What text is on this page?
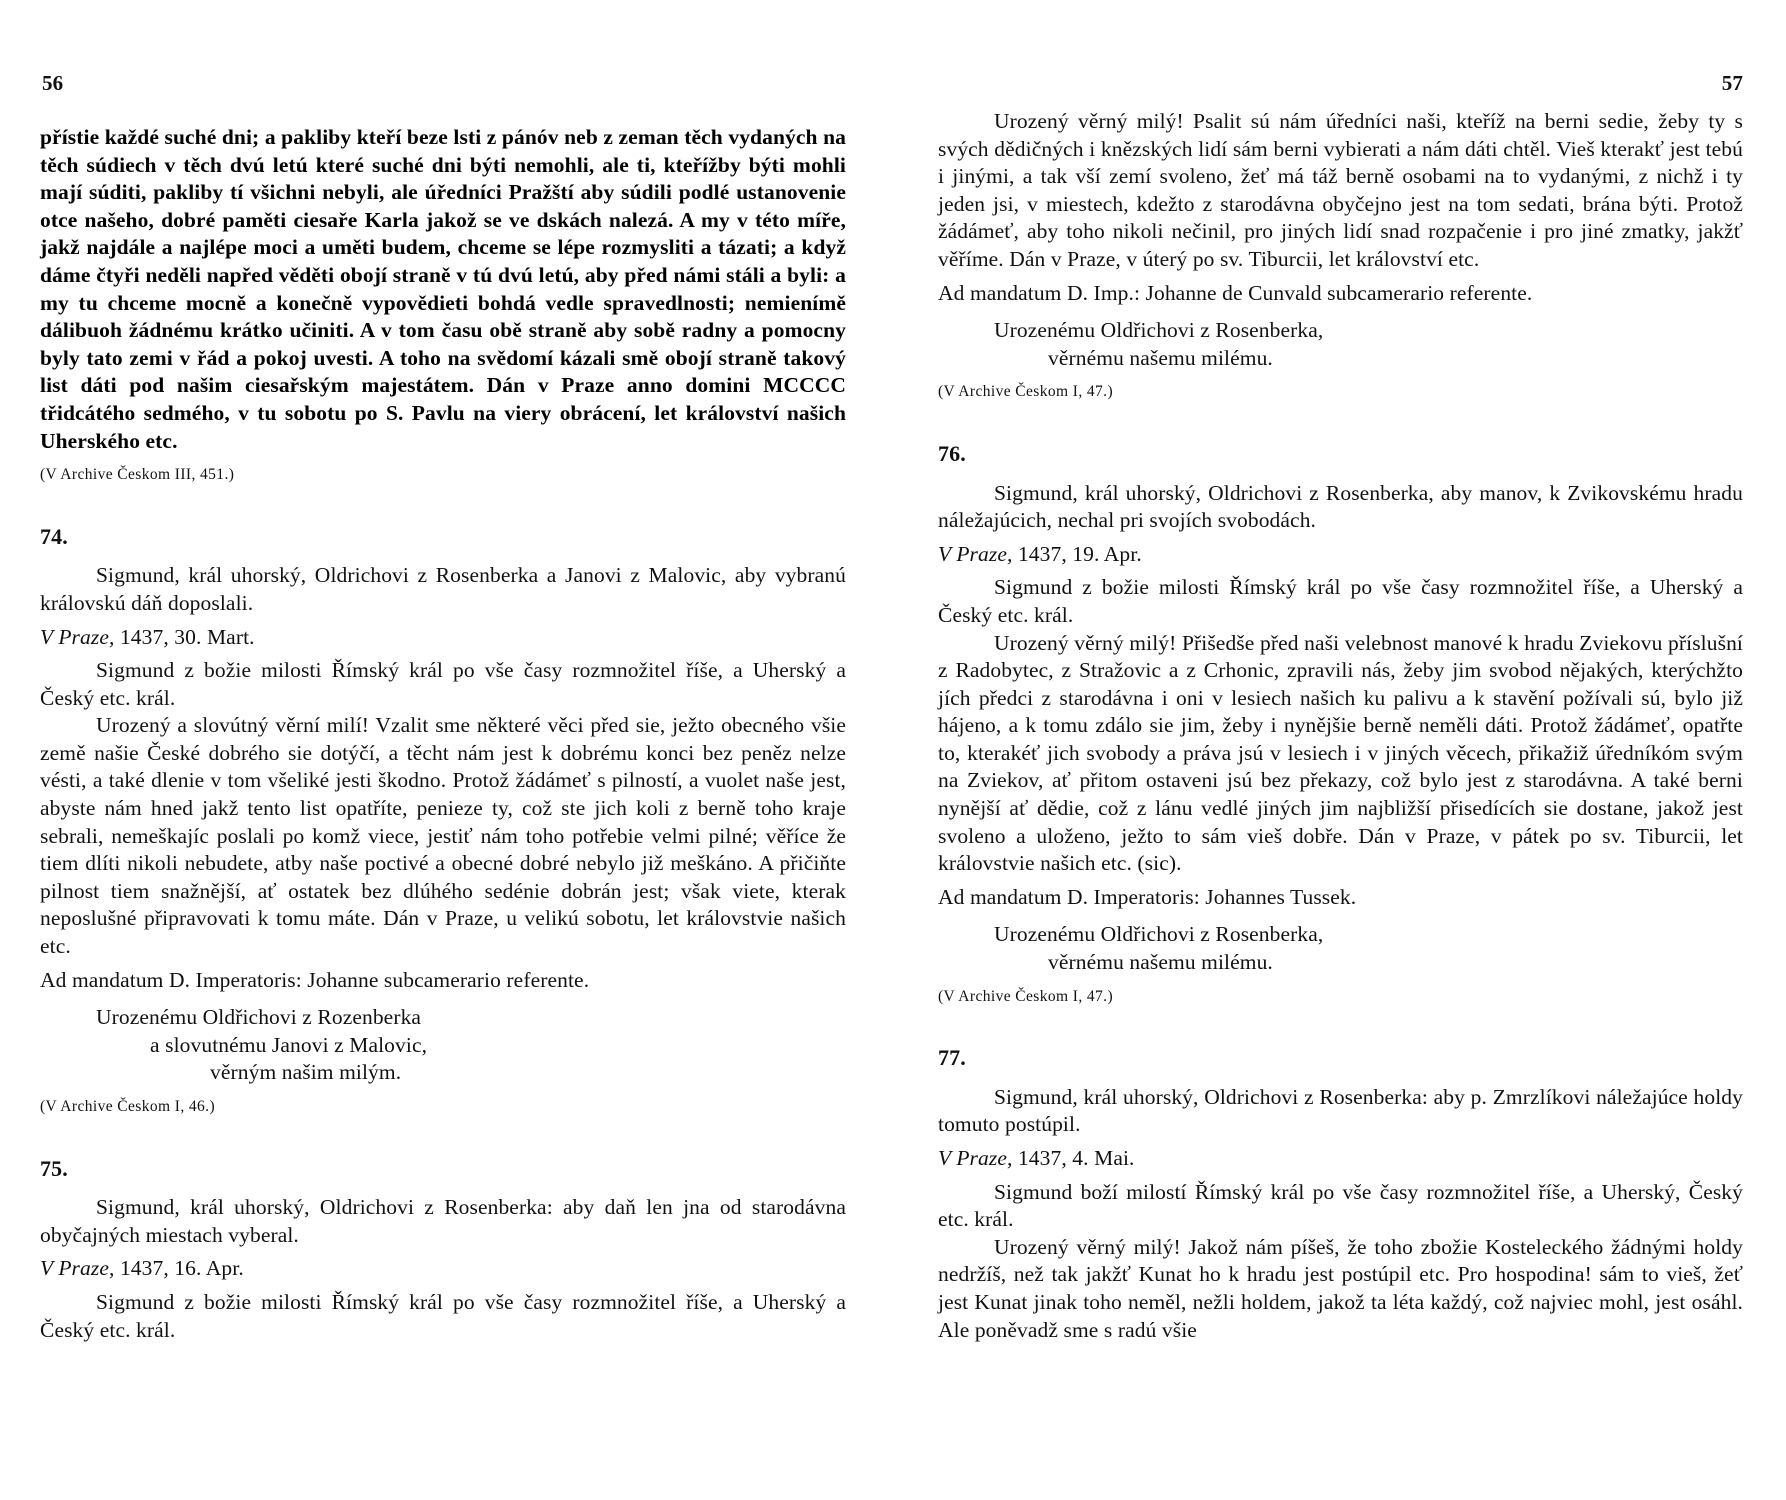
56

přístie každé suché dni; a pakliby kteří beze lsti z pánóv neb z zeman těch vydaných na těch súdiech v těch dvú letú které suché dni býti nemohli, ale ti, kteřížby býti mohli mají súditi, pakliby tí všichni nebyli, ale úředníci Pražští aby súdili podlé ustanovenie otce našeho, dobré paměti ciesaře Karla jakož se ve dskách nalezá. A my v této míře, jakž najdále a najlépe moci a uměti budem, chceme se lépe rozmysliti a tázati; a když dáme čtyři neděli napřed věděti obojí straně v tú dvú letú, aby před námi stáli a byli: a my tu chceme mocně a konečně vypovědieti bohdá vedle spravedlnosti; nemienímě dálibuoh žádnému krátko učiniti. A v tom času obě straně aby sobě radny a pomocny byly tato zemi v řád a pokoj uvesti. A toho na svědomí kázali smě obojí straně takový list dáti pod našim ciesařským majestátem. Dán v Praze anno domini MCCCC třidcátého sedmého, v tu sobotu po S. Pavlu na viery obrácení, let království našich Uherského etc.

(V Archive Českom III, 451.)

74.

Sigmund, král uhorský, Oldrichovi z Rosenberka a Janovi z Malovic, aby vybranú královskú dáň doposlali.

V Praze, 1437, 30. Mart.

Sigmund z božie milosti Římský král po vše časy rozmnožitel říše, a Uherský a Český etc. král.

Urozený a slovútný věrní milí! Vzalit sme některé věci před sie, ježto obecného všie země našie České dobrého sie dotýčí, a těcht nám jest k dobrému konci bez peněz nelze vésti, a také dlenie v tom všeliké jesti škodno. Protož žádámeť s pilností, a vuolet naše jest, abyste nám hned jakž tento list opatříte, penieze ty, což ste jich koli z berně toho kraje sebrali, nemeškajíc poslali po komž viece, jestiť nám toho potřebie velmi pilné; věříce že tiem dlíti nikoli nebudete, atby naše poctivé a obecné dobré nebylo již meškáno. A přičiňte pilnost tiem snažnější, ať ostatek bez dlúhého sedénie dobrán jest; však viete, kterak neposlušné připravovati k tomu máte. Dán v Praze, u velikú sobotu, let královstvie našich etc.

Ad mandatum D. Imperatoris: Johanne subcamerario referente.

Urozenému Oldřichovi z Rozenberka

a slovutnému Janovi z Malovic,

věrným našim milým.

(V Archive Českom I, 46.)

75.

Sigmund, král uhorský, Oldrichovi z Rosenberka: aby daň len jna od starodávna obyčajných miestach vyberal.

V Praze, 1437, 16. Apr.

Sigmund z božie milosti Římský král po vše časy rozmnožitel říše, a Uherský a Český etc. král.

57

Urozený věrný milý! Psalit sú nám úředníci naši, kteříž na berni sedie, žeby ty s svých dědičných i knězských lidí sám berni vybierati a nám dáti chtěl. Vieš kterakť jest tebú i jinými, a tak vší zemí svoleno, žeť má táž berně osobami na to vydanými, z nichž i ty jeden jsi, v miestech, kdežto z starodávna obyčejno jest na tom sedati, brána býti. Protož žádámeť, aby toho nikoli nečinil, pro jiných lidí snad rozpačenie i pro jiné zmatky, jakžť věříme. Dán v Praze, v úterý po sv. Tiburcii, let království etc.

Ad mandatum D. Imp.: Johanne de Cunvald subcamerario referente.

Urozenému Oldřichovi z Rosenberka,

věrnému našemu milému.

(V Archive Českom I, 47.)

76.

Sigmund, král uhorský, Oldrichovi z Rosenberka, aby manov, k Zvikovskému hradu náležajúcich, nechal pri svojích svobodách.

V Praze, 1437, 19. Apr.

Sigmund z božie milosti Římský král po vše časy rozmnožitel říše, a Uherský a Český etc. král.

Urozený věrný milý! Přišedše před naši velebnost manové k hradu Zviekovu příslušní z Radobytec, z Stražovic a z Crhonic, zpravili nás, žeby jim svobod nějakých, kterýchžto jích předci z starodávna i oni v lesiech našich ku palivu a k stavění požívali sú, bylo již hájeno, a k tomu zdálo sie jim, žeby i nynějšie berně neměli dáti. Protož žádámeť, opatřte to, kterakéť jich svobody a práva jsú v lesiech i v jiných věcech, přikažiž úředníkóm svým na Zviekov, ať přitom ostaveni jsú bez překazy, což bylo jest z starodávna. A také berni nynější ať dědie, což z lánu vedlé jiných jim najbližší přisedících sie dostane, jakož jest svoleno a uloženo, ježto to sám vieš dobře. Dán v Praze, v pátek po sv. Tiburcii, let královstvie našich etc. (sic).

Ad mandatum D. Imperatoris: Johannes Tussek.

Urozenému Oldřichovi z Rosenberka,

věrnému našemu milému.

(V Archive Českom I, 47.)

77.

Sigmund, král uhorský, Oldrichovi z Rosenberka: aby p. Zmrzlíkovi náležajúce holdy tomuto postúpil.

V Praze, 1437, 4. Mai.

Sigmund boží milostí Římský král po vše časy rozmnožitel říše, a Uherský, Český etc. král.

Urozený věrný milý! Jakož nám píšeš, že toho zbožie Kosteleckého žádnými holdy nedržíš, než tak jakžť Kunat ho k hradu jest postúpil etc. Pro hospodina! sám to vieš, žeť jest Kunat jinak toho neměl, nežli holdem, jakož ta léta každý, což najviec mohl, jest osáhl. Ale poněvadž sme s radú všie
